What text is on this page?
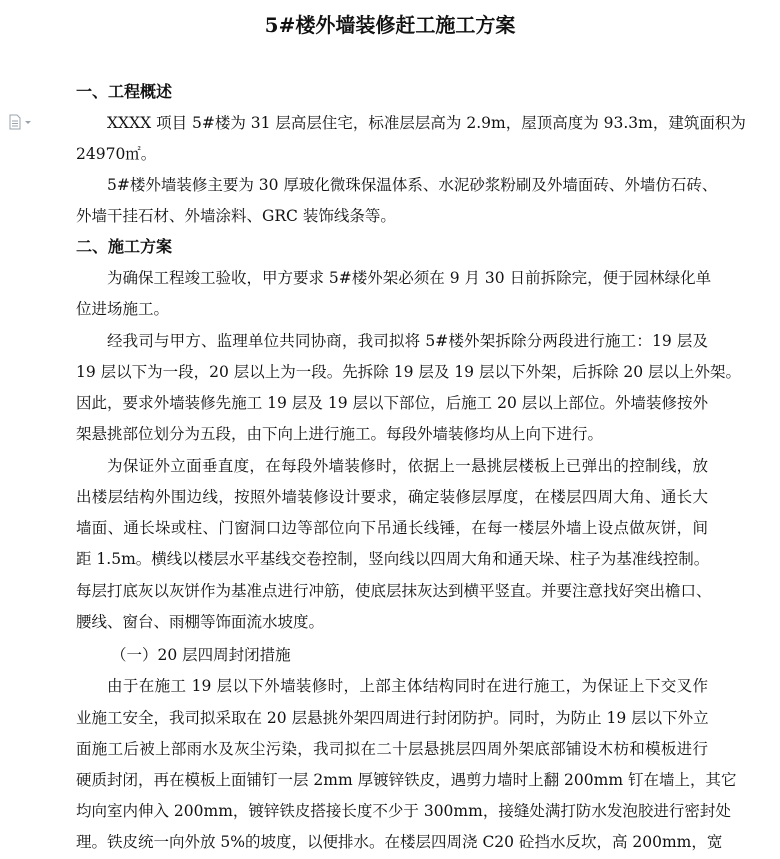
5#楼外墙装修赶工施工方案
一、工程概述
XXXX 项目 5#楼为 31 层高层住宅，标准层层高为 2.9m，屋顶高度为 93.3m，建筑面积为
24970㎡。
5#楼外墙装修主要为 30 厚玻化微珠保温体系、水泥砂浆粉刷及外墙面砖、外墙仿石砖、
外墙干挂石材、外墙涂料、GRC 装饰线条等。
二、施工方案
为确保工程竣工验收，甲方要求 5#楼外架必须在 9 月 30 日前拆除完，便于园林绿化单
位进场施工。
经我司与甲方、监理单位共同协商，我司拟将 5#楼外架拆除分两段进行施工：19 层及
19 层以下为一段，20 层以上为一段。先拆除 19 层及 19 层以下外架，后拆除 20 层以上外架。
因此，要求外墙装修先施工 19 层及 19 层以下部位，后施工 20 层以上部位。外墙装修按外
架悬挑部位划分为五段，由下向上进行施工。每段外墙装修均从上向下进行。
为保证外立面垂直度，在每段外墙装修时，依据上一悬挑层楼板上已弹出的控制线，放
出楼层结构外围边线，按照外墙装修设计要求，确定装修层厚度，在楼层四周大角、通长大
墙面、通长垛或柱、门窗洞口边等部位向下吊通长线锤，在每一楼层外墙上设点做灰饼，间
距 1.5m。横线以楼层水平基线交卷控制，竖向线以四周大角和通天垛、柱子为基准线控制。
每层打底灰以灰饼作为基准点进行冲筋，使底层抹灰达到横平竖直。并要注意找好突出檐口、
腰线、窗台、雨棚等饰面流水坡度。
（一）20 层四周封闭措施
由于在施工 19 层以下外墙装修时，上部主体结构同时在进行施工，为保证上下交叉作
业施工安全，我司拟采取在 20 层悬挑外架四周进行封闭防护。同时，为防止 19 层以下外立
面施工后被上部雨水及灰尘污染，我司拟在二十层悬挑层四周外架底部铺设木枋和模板进行
硬质封闭，再在模板上面铺钉一层 2mm 厚镀锌铁皮，遇剪力墙时上翻 200mm 钉在墙上，其它
均向室内伸入 200mm，镀锌铁皮搭接长度不少于 300mm，接缝处满打防水发泡胶进行密封处
理。铁皮统一向外放 5%的坡度，以便排水。在楼层四周浇 C20 砼挡水反坎，高 200mm，宽
